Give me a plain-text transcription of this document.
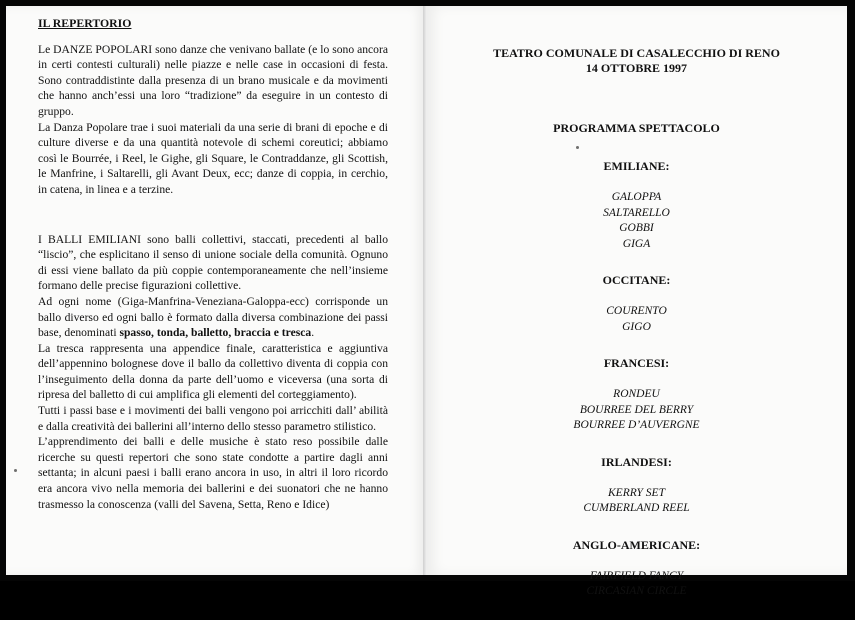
IL REPERTORIO

Le DANZE POPOLARI sono danze che venivano ballate (e lo sono ancora in certi contesti culturali) nelle piazze e nelle case in occasioni di festa. Sono contraddistinte dalla presenza di un brano musicale e da movimenti che hanno anch’essi una loro “tradizione” da eseguire in un contesto di gruppo.

La Danza Popolare trae i suoi materiali da una serie di brani di epoche e di culture diverse e da una quantità notevole di schemi coreutici; abbiamo così le Bourrée, i Reel, le Gighe, gli Square, le Contraddanze, gli Scottish, le Manfrine, i Saltarelli, gli Avant Deux, ecc; danze di coppia, in cerchio, in catena, in linea e a terzine.

I BALLI EMILIANI sono balli collettivi, staccati, precedenti al ballo “liscio”, che esplicitano il senso di unione sociale della comunità. Ognuno di essi viene ballato da più coppie contemporaneamente che nell’insieme formano delle precise figurazioni collettive.

Ad ogni nome (Giga-Manfrina-Veneziana-Galoppa-ecc) corrisponde un ballo diverso ed ogni ballo è formato dalla diversa combinazione dei passi base, denominati spasso, tonda, balletto, braccia e tresca.

La tresca rappresenta una appendice finale, caratteristica e aggiuntiva dell’appennino bolognese dove il ballo da collettivo diventa di coppia con l’inseguimento della donna da parte dell’uomo e viceversa (una sorta di ripresa del balletto di cui amplifica gli elementi del corteggiamento).

Tutti i passi base e i movimenti dei balli vengono poi arricchiti dall’ abilità e dalla creatività dei ballerini all’interno dello stesso parametro stilistico.

L’apprendimento dei balli e delle musiche è stato reso possibile dalle ricerche su questi repertori che sono state condotte a partire dagli anni settanta; in alcuni paesi i balli erano ancora in uso, in altri il loro ricordo era ancora vivo nella memoria dei ballerini e dei suonatori che ne hanno trasmesso la conoscenza (valli del Savena, Setta, Reno e Idice)

TEATRO COMUNALE DI CASALECCHIO DI RENO
14 OTTOBRE 1997
PROGRAMMA SPETTACOLO
EMILIANE:
GALOPPA
SALTARELLO
GOBBI
GIGA
OCCITANE:
COURENTO
GIGO
FRANCESI:
RONDEU
BOURREE DEL BERRY
BOURREE D’AUVERGNE
IRLANDESI:
KERRY SET
CUMBERLAND REEL
ANGLO-AMERICANE:
FAIRFIELD FANCY
CIRCASIAN CIRCLE
